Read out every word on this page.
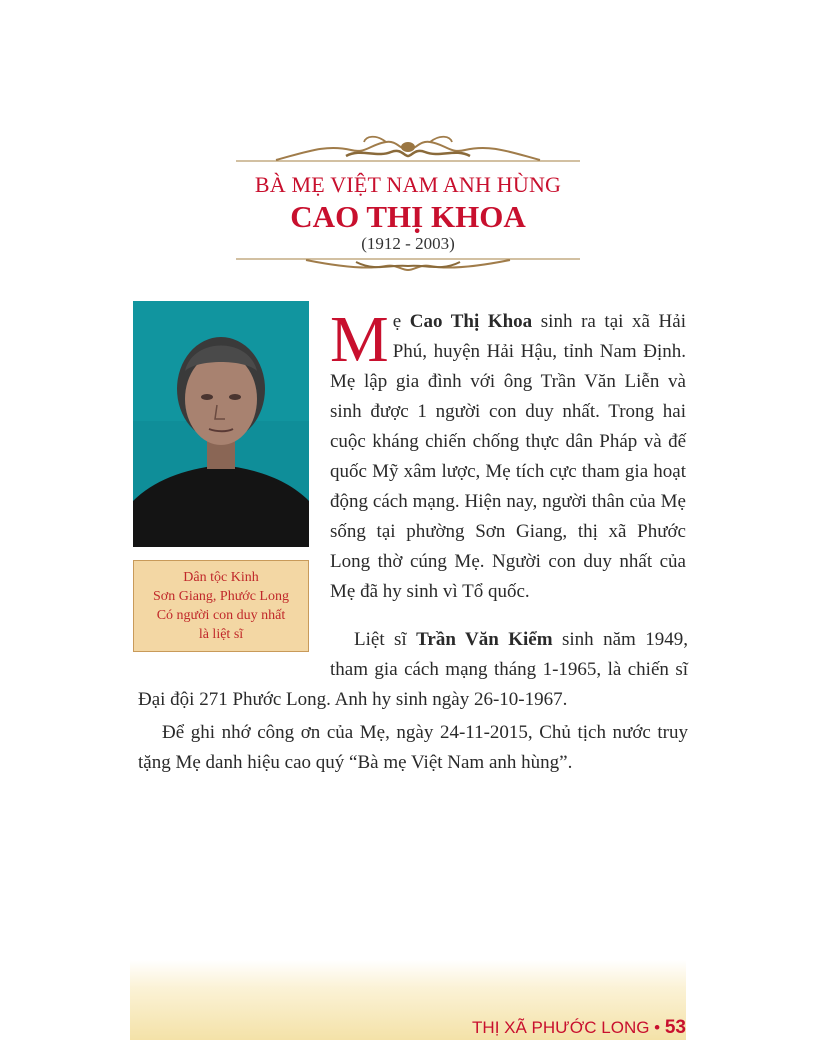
BÀ MẸ VIỆT NAM ANH HÙNG
CAO THỊ KHOA
(1912 - 2003)
Dân tộc Kinh
Sơn Giang, Phước Long
Có người con duy nhất
là liệt sĩ

Mẹ Cao Thị Khoa sinh ra tại xã Hải Phú, huyện Hải Hậu, tỉnh Nam Định. Mẹ lập gia đình với ông Trần Văn Liễn và sinh được 1 người con duy nhất. Trong hai cuộc kháng chiến chống thực dân Pháp và đế quốc Mỹ xâm lược, Mẹ tích cực tham gia hoạt động cách mạng. Hiện nay, người thân của Mẹ sống tại phường Sơn Giang, thị xã Phước Long thờ cúng Mẹ. Người con duy nhất của Mẹ đã hy sinh vì Tổ quốc.

Liệt sĩ Trần Văn Kiểm sinh năm 1949, tham gia cách mạng tháng 1-1965, là chiến sĩ Đại đội 271 Phước Long. Anh hy sinh ngày 26-10-1967.

Để ghi nhớ công ơn của Mẹ, ngày 24-11-2015, Chủ tịch nước truy tặng Mẹ danh hiệu cao quý “Bà mẹ Việt Nam anh hùng”.

THỊ XÃ PHƯỚC LONG • 53
